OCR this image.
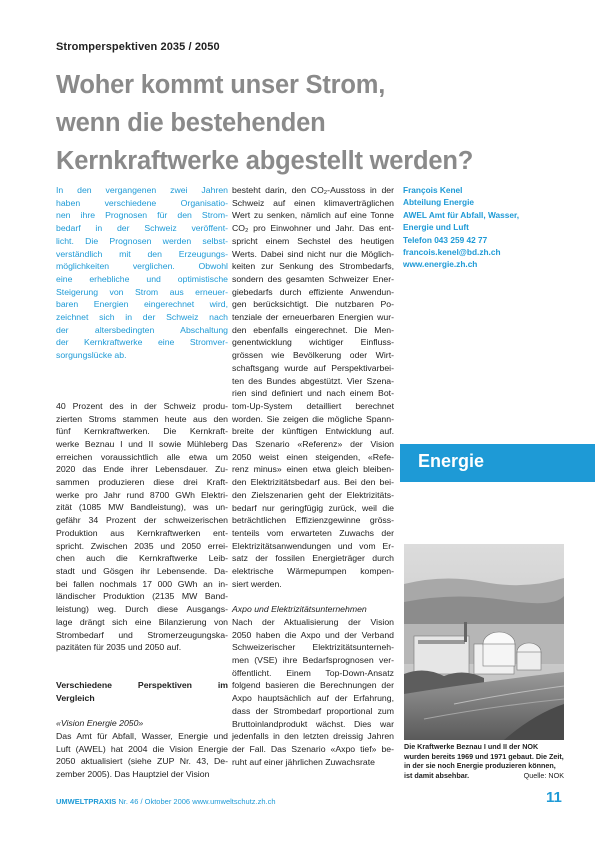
Stromperspektiven 2035 / 2050
Woher kommt unser Strom,
wenn die bestehenden
Kernkraftwerke abgestellt werden?
In den vergangenen zwei Jahren
haben verschiedene Organisatio-
nen ihre Prognosen für den Strom-
bedarf in der Schweiz veröffent-
licht. Die Prognosen werden selbst-
verständlich mit den Erzeugungs-
möglichkeiten verglichen. Obwohl
eine erhebliche und optimistische
Steigerung von Strom aus erneuer-
baren Energien eingerechnet wird,
zeichnet sich in der Schweiz nach
der altersbedingten Abschaltung
der Kernkraftwerke eine Stromver-
sorgungslücke ab.
40 Prozent des in der Schweiz produ-
zierten Stroms stammen heute aus den
fünf Kernkraftwerken. Die Kernkraft-
werke Beznau I und II sowie Mühleberg
erreichen voraussichtlich alle etwa um
2020 das Ende ihrer Lebensdauer. Zu-
sammen produzieren diese drei Kraft-
werke pro Jahr rund 8700 GWh Elektri-
zität (1085 MW Bandleistung), was un-
gefähr 34 Prozent der schweizerischen
Produktion aus Kernkraftwerken ent-
spricht. Zwischen 2035 und 2050 errei-
chen auch die Kernkraftwerke Leib-
stadt und Gösgen ihr Lebensende. Da-
bei fallen nochmals 17 000 GWh an in-
ländischer Produktion (2135 MW Band-
leistung) weg. Durch diese Ausgangs-
lage drängt sich eine Bilanzierung von
Strombedarf und Stromerzeugungska-
pazitäten für 2035 und 2050 auf.
Verschiedene Perspektiven im
Vergleich
«Vision Energie 2050»
Das Amt für Abfall, Wasser, Energie und
Luft (AWEL) hat 2004 die Vision Energie
2050 aktualisiert (siehe ZUP Nr. 43, De-
zember 2005). Das Hauptziel der Vision
besteht darin, den CO₂-Ausstoss in der
Schweiz auf einen klimaverträglichen
Wert zu senken, nämlich auf eine Tonne
CO₂ pro Einwohner und Jahr. Das ent-
spricht einem Sechstel des heutigen
Werts. Dabei sind nicht nur die Möglich-
keiten zur Senkung des Strombedarfs,
sondern des gesamten Schweizer Ener-
giebedarfs durch effiziente Anwendun-
gen berücksichtigt. Die nutzbaren Po-
tenziale der erneuerbaren Energien wur-
den ebenfalls eingerechnet. Die Men-
genentwicklung wichtiger Einfluss-
grössen wie Bevölkerung oder Wirt-
schaftsgang wurde auf Perspektivarbei-
ten des Bundes abgestützt. Vier Szena-
rien sind definiert und nach einem Bot-
tom-Up-System detailliert berechnet
worden. Sie zeigen die mögliche Spann-
breite der künftigen Entwicklung auf.
Das Szenario «Referenz» der Vision
2050 weist einen steigenden, «Refe-
renz minus» einen etwa gleich bleiben-
den Elektrizitätsbedarf aus. Bei den bei-
den Zielszenarien geht der Elektrizitäts-
bedarf nur geringfügig zurück, weil die
beträchtlichen Effizienzgewinne gröss-
tenteils vom erwarteten Zuwachs der
Elektrizitätsanwendungen und vom Er-
satz der fossilen Energieträger durch
elektrische Wärmepumpen kompen-
siert werden.
Axpo und Elektrizitätsunternehmen
Nach der Aktualisierung der Vision
2050 haben die Axpo und der Verband
Schweizerischer Elektrizitätsunterneh-
men (VSE) ihre Bedarfsprognosen ver-
öffentlicht. Einem Top-Down-Ansatz
folgend basieren die Berechnungen der
Axpo hauptsächlich auf der Erfahrung,
dass der Strombedarf proportional zum
Bruttoinlandprodukt wächst. Dies war
jedenfalls in den letzten dreissig Jahren
der Fall. Das Szenario «Axpo tief» be-
ruht auf einer jährlichen Zuwachsrate
François Kenel
Abteilung Energie
AWEL Amt für Abfall, Wasser,
Energie und Luft
Telefon 043 259 42 77
francois.kenel@bd.zh.ch
www.energie.zh.ch
Energie
Die Kraftwerke Beznau I und II der NOK wurden bereits 1969 und 1971 gebaut. Die Zeit, in der sie noch Energie produzieren können, ist damit absehbar.	Quelle: NOK
UMWELTPRAXIS Nr. 46 / Oktober 2006 www.umweltschutz.zh.ch	11
